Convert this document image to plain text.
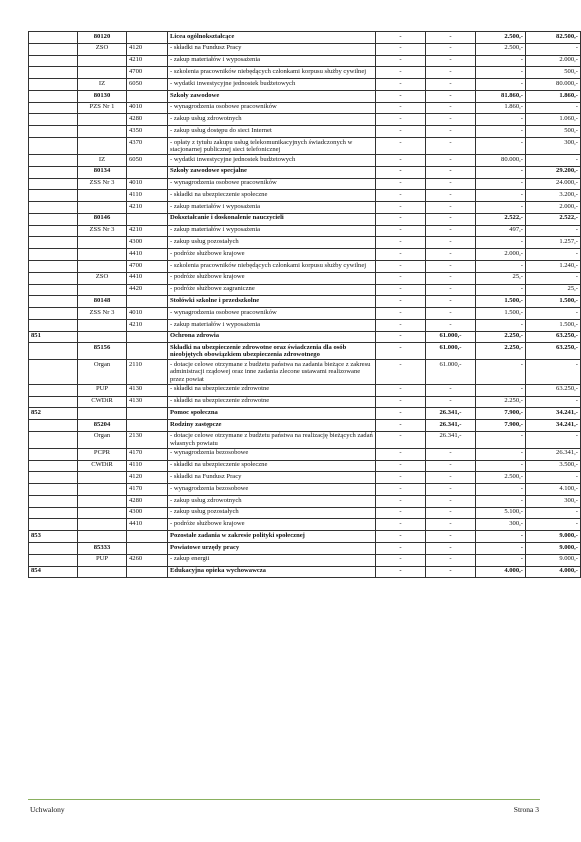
	80120		Licea ogólnokształcące	-	-	2.500,-	82.500,-
	ZSO	4120	- składki na Fundusz Pracy	-	-	2.500,-	-
		4210	- zakup materiałów i wyposażenia	-	-	-	2.000,-
		4700	- szkolenia pracowników niebędących członkami korpusu służby cywilnej	-	-	-	500,-
	IZ	6050	- wydatki inwestycyjne jednostek budżetowych	-	-	-	80.000,-
	80130		Szkoły zawodowe	-	-	81.860,-	1.860,-
	PZS Nr 1	4010	- wynagrodzenia osobowe pracowników	-	-	1.860,-	-
		4280	- zakup usług zdrowotnych	-	-	-	1.060,-
		4350	- zakup usług dostępu do sieci Internet	-	-	-	500,-
		4370	- opłaty z tytułu zakupu usług telekomunikacyjnych świadczonych w stacjonarnej publicznej sieci telefonicznej	-	-	-	300,-
	IZ	6050	- wydatki inwestycyjne jednostek budżetowych	-	-	80.000,-	-
	80134		Szkoły zawodowe specjalne	-	-	-	29.200,-
	ZSS Nr 3	4010	- wynagrodzenia osobowe pracowników	-	-	-	24.000,-
		4110	- składki na ubezpieczenie społeczne	-	-	-	3.200,-
		4210	- zakup materiałów i wyposażenia	-	-	-	2.000,-
	80146		Dokształcanie i doskonalenie nauczycieli	-	-	2.522,-	2.522,-
	ZSS Nr 3	4210	- zakup materiałów i wyposażenia	-	-	497,-	-
		4300	- zakup usług pozostałych	-	-	-	1.257,-
		4410	- podróże służbowe krajowe	-	-	2.000,-	-
		4700	- szkolenia pracowników niebędących członkami korpusu służby cywilnej	-	-	-	1.240,-
	ZSO	4410	- podróże służbowe krajowe	-	-	25,-	-
		4420	- podróże służbowe zagraniczne	-	-	-	25,-
	80148		Stołówki szkolne i przedszkolne	-	-	1.500,-	1.500,-
	ZSS Nr 3	4010	- wynagrodzenia osobowe pracowników	-	-	1.500,-	-
		4210	- zakup materiałów i wyposażenia	-	-	-	1.500,-
851			Ochrona zdrowia	-	61.000,-	2.250,-	63.250,-
	85156		Składki na ubezpieczenie zdrowotne oraz świadczenia dla osób nieobjętych obowiązkiem ubezpieczenia zdrowotnego	-	61.000,-	2.250,-	63.250,-
	Organ	2110	- dotacje celowe otrzymane z budżetu państwa na zadania bieżące z zakresu administracji rządowej oraz inne zadania zlecone ustawami realizowane przez powiat	-	61.000,-	-	-
	PUP	4130	- składki na ubezpieczenie zdrowotne	-	-	-	63.250,-
	CWDiR	4130	- składki na ubezpieczenie zdrowotne	-	-	2.250,-	-
852			Pomoc społeczna	-	26.341,-	7.900,-	34.241,-
	85204		Rodziny zastępcze	-	26.341,-	7.900,-	34.241,-
	Organ	2130	- dotacje celowe otrzymane z budżetu państwa na realizację bieżących zadań własnych powiatu	-	26.341,-	-	-
	PCPR	4170	- wynagrodzenia bezosobowe	-	-	-	26.341,-
	CWDiR	4110	- składki na ubezpieczenie społeczne	-	-	-	3.500,-
		4120	- składki na Fundusz Pracy	-	-	2.500,-	-
		4170	- wynagrodzenia bezosobowe	-	-	-	4.100,-
		4280	- zakup usług zdrowotnych	-	-	-	300,-
		4300	- zakup usług pozostałych	-	-	5.100,-	-
		4410	- podróże służbowe krajowe	-	-	300,-	-
853			Pozostałe zadania w zakresie polityki społecznej	-	-	-	9.000,-
	85333		Powiatowe urzędy pracy	-	-	-	9.000,-
	PUP	4260	- zakup energii	-	-	-	9.000,-
854			Edukacyjna opieka wychowawcza	-	-	4.000,-	4.000,-
Uchwalony	Strona 3
